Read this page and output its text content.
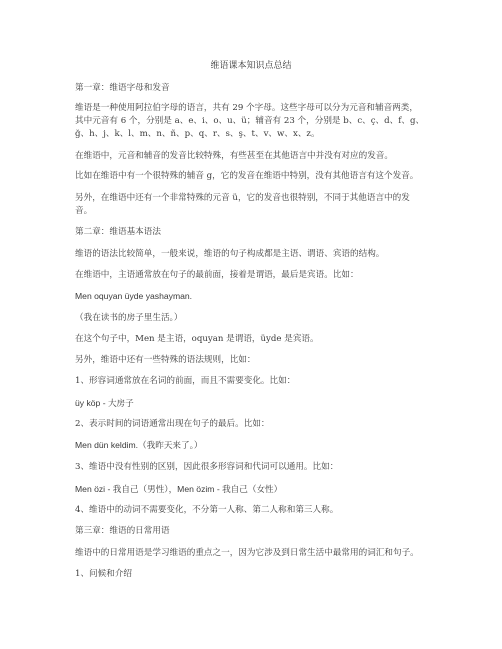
维语课本知识点总结
第一章：维语字母和发音
维语是一种使用阿拉伯字母的语言，共有 29 个字母。这些字母可以分为元音和辅音两类，
其中元音有 6 个，分别是 a、e、i、o、u、ü；辅音有 23 个，分别是 b、c、ç、d、f、g、
ğ、h、j、k、l、m、n、ñ、p、q、r、s、ş、t、v、w、x、z。
在维语中，元音和辅音的发音比较特殊，有些甚至在其他语言中并没有对应的发音。
比如在维语中有一个很特殊的辅音 g，它的发音在维语中特别，没有其他语言有这个发音。
另外，在维语中还有一个非常特殊的元音 ü，它的发音也很特别，不同于其他语言中的发
音。
第二章：维语基本语法
维语的语法比较简单，一般来说，维语的句子构成都是主语、谓语、宾语的结构。
在维语中，主语通常放在句子的最前面，接着是谓语，最后是宾语。比如：
Men oquyan üyde yashayman.
（我在读书的房子里生活。）
在这个句子中，Men 是主语，oquyan 是谓语，üyde 是宾语。
另外，维语中还有一些特殊的语法规则，比如：
1、形容词通常放在名词的前面，而且不需要变化。比如：
üy köp - 大房子
2、表示时间的词语通常出现在句子的最后。比如：
Men dün keldim.（我昨天来了。）
3、维语中没有性别的区别，因此很多形容词和代词可以通用。比如：
Men özi - 我自己（男性），Men özim - 我自己（女性）
4、维语中的动词不需要变化，不分第一人称、第二人称和第三人称。
第三章：维语的日常用语
维语中的日常用语是学习维语的重点之一，因为它涉及到日常生活中最常用的词汇和句子。
1、问候和介绍
